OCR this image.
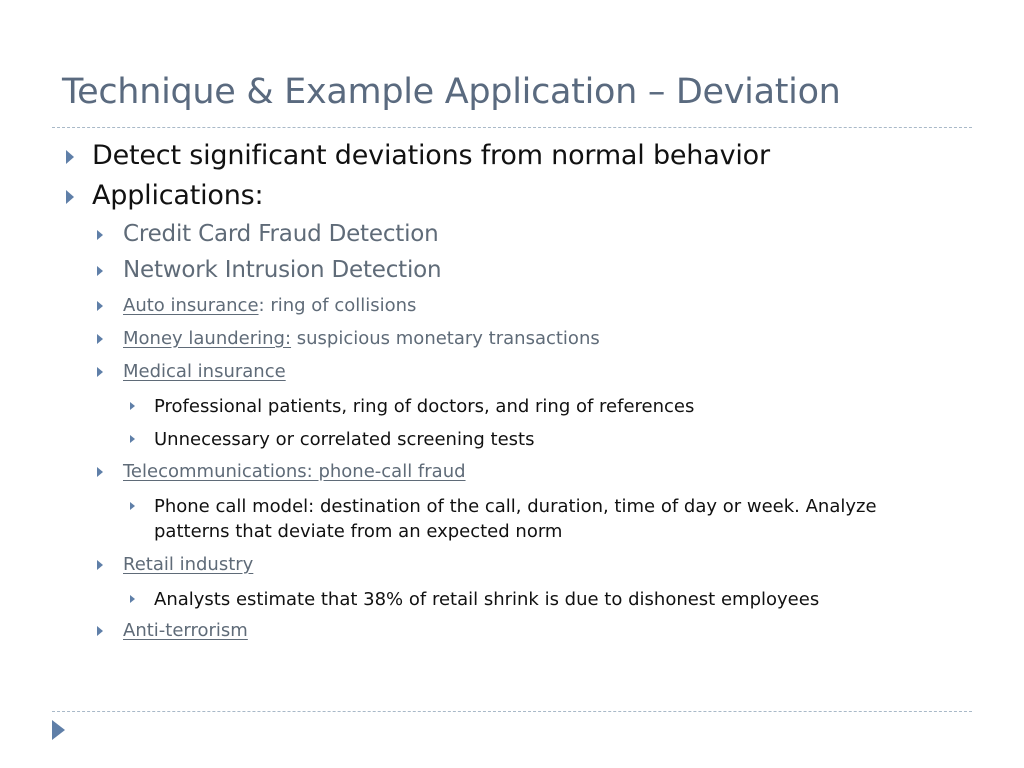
Technique & Example Application – Deviation
Detect significant deviations from normal behavior
Applications:
Credit Card Fraud Detection
Network Intrusion Detection
Auto insurance: ring of collisions
Money laundering: suspicious monetary transactions
Medical insurance
Professional patients, ring of doctors, and ring of references
Unnecessary or correlated screening tests
Telecommunications: phone-call fraud
Phone call model: destination of the call, duration, time of day or week. Analyze
patterns that deviate from an expected norm
Retail industry
Analysts estimate that 38% of retail shrink is due to dishonest employees
Anti-terrorism
